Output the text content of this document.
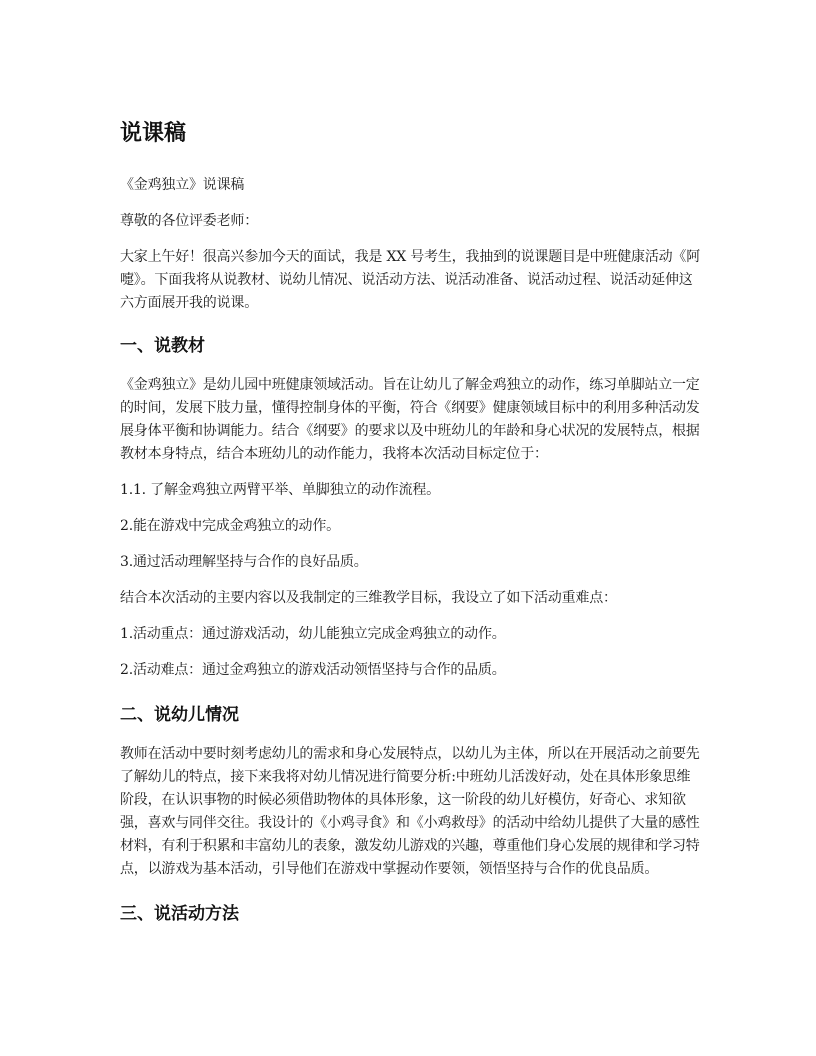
说课稿

《金鸡独立》说课稿

尊敬的各位评委老师：

大家上午好！很高兴参加今天的面试，我是 XX 号考生，我抽到的说课题目是中班健康活动《阿嚏》。下面我将从说教材、说幼儿情况、说活动方法、说活动准备、说活动过程、说活动延伸这六方面展开我的说课。

一、说教材

《金鸡独立》是幼儿园中班健康领域活动。旨在让幼儿了解金鸡独立的动作，练习单脚站立一定的时间，发展下肢力量，懂得控制身体的平衡，符合《纲要》健康领域目标中的利用多种活动发展身体平衡和协调能力。结合《纲要》的要求以及中班幼儿的年龄和身心状况的发展特点，根据教材本身特点，结合本班幼儿的动作能力，我将本次活动目标定位于：

1.1. 了解金鸡独立两臂平举、单脚独立的动作流程。

2.能在游戏中完成金鸡独立的动作。

3.通过活动理解坚持与合作的良好品质。

结合本次活动的主要内容以及我制定的三维教学目标，我设立了如下活动重难点：

1.活动重点：通过游戏活动，幼儿能独立完成金鸡独立的动作。

2.活动难点：通过金鸡独立的游戏活动领悟坚持与合作的品质。

二、说幼儿情况

教师在活动中要时刻考虑幼儿的需求和身心发展特点，以幼儿为主体，所以在开展活动之前要先了解幼儿的特点，接下来我将对幼儿情况进行简要分析:中班幼儿活泼好动，处在具体形象思维阶段，在认识事物的时候必须借助物体的具体形象，这一阶段的幼儿好模仿，好奇心、求知欲强，喜欢与同伴交往。我设计的《小鸡寻食》和《小鸡救母》的活动中给幼儿提供了大量的感性材料，有利于积累和丰富幼儿的表象，激发幼儿游戏的兴趣，尊重他们身心发展的规律和学习特点，以游戏为基本活动，引导他们在游戏中掌握动作要领，领悟坚持与合作的优良品质。

三、说活动方法
